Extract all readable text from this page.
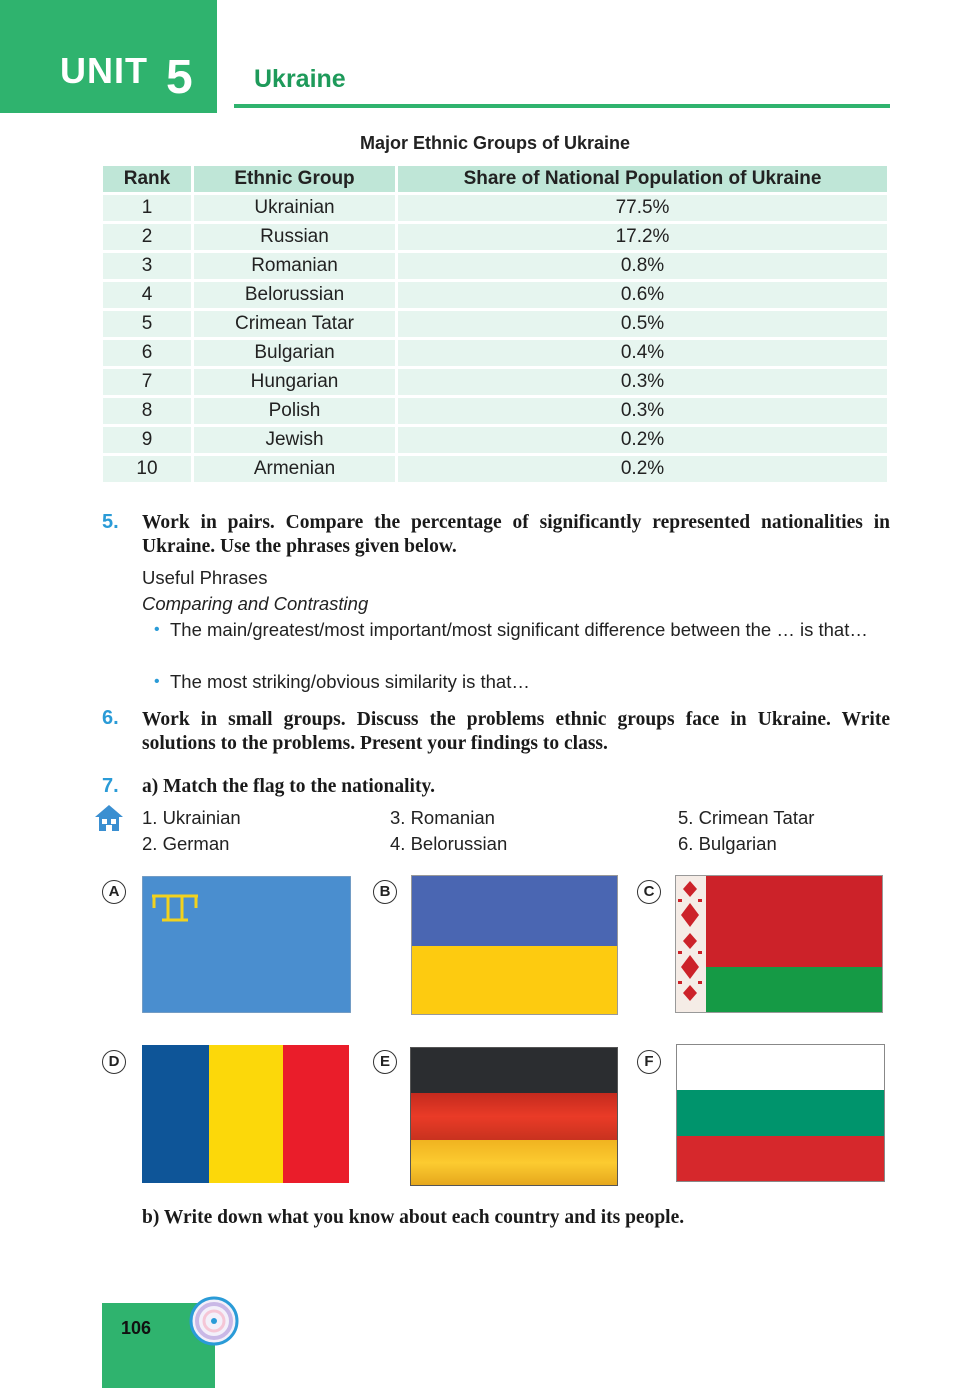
UNIT 5 Ukraine
Major Ethnic Groups of Ukraine
Rank	Ethnic Group	Share of National Population of Ukraine
1	Ukrainian	77.5%
2	Russian	17.2%
3	Romanian	0.8%
4	Belorussian	0.6%
5	Crimean Tatar	0.5%
6	Bulgarian	0.4%
7	Hungarian	0.3%
8	Polish	0.3%
9	Jewish	0.2%
10	Armenian	0.2%
5. Work in pairs. Compare the percentage of significantly represented nationalities in Ukraine. Use the phrases given below.
Useful Phrases
Comparing and Contrasting
• The main/greatest/most important/most significant difference between the … is that…
• The most striking/obvious similarity is that…
6. Work in small groups. Discuss the problems ethnic groups face in Ukraine. Write solutions to the problems. Present your findings to class.
7. a) Match the flag to the nationality.
1. Ukrainian
2. German
3. Romanian
4. Belorussian
5. Crimean Tatar
6. Bulgarian
A	B	C
D	E	F
b) Write down what you know about each country and its people.
106
